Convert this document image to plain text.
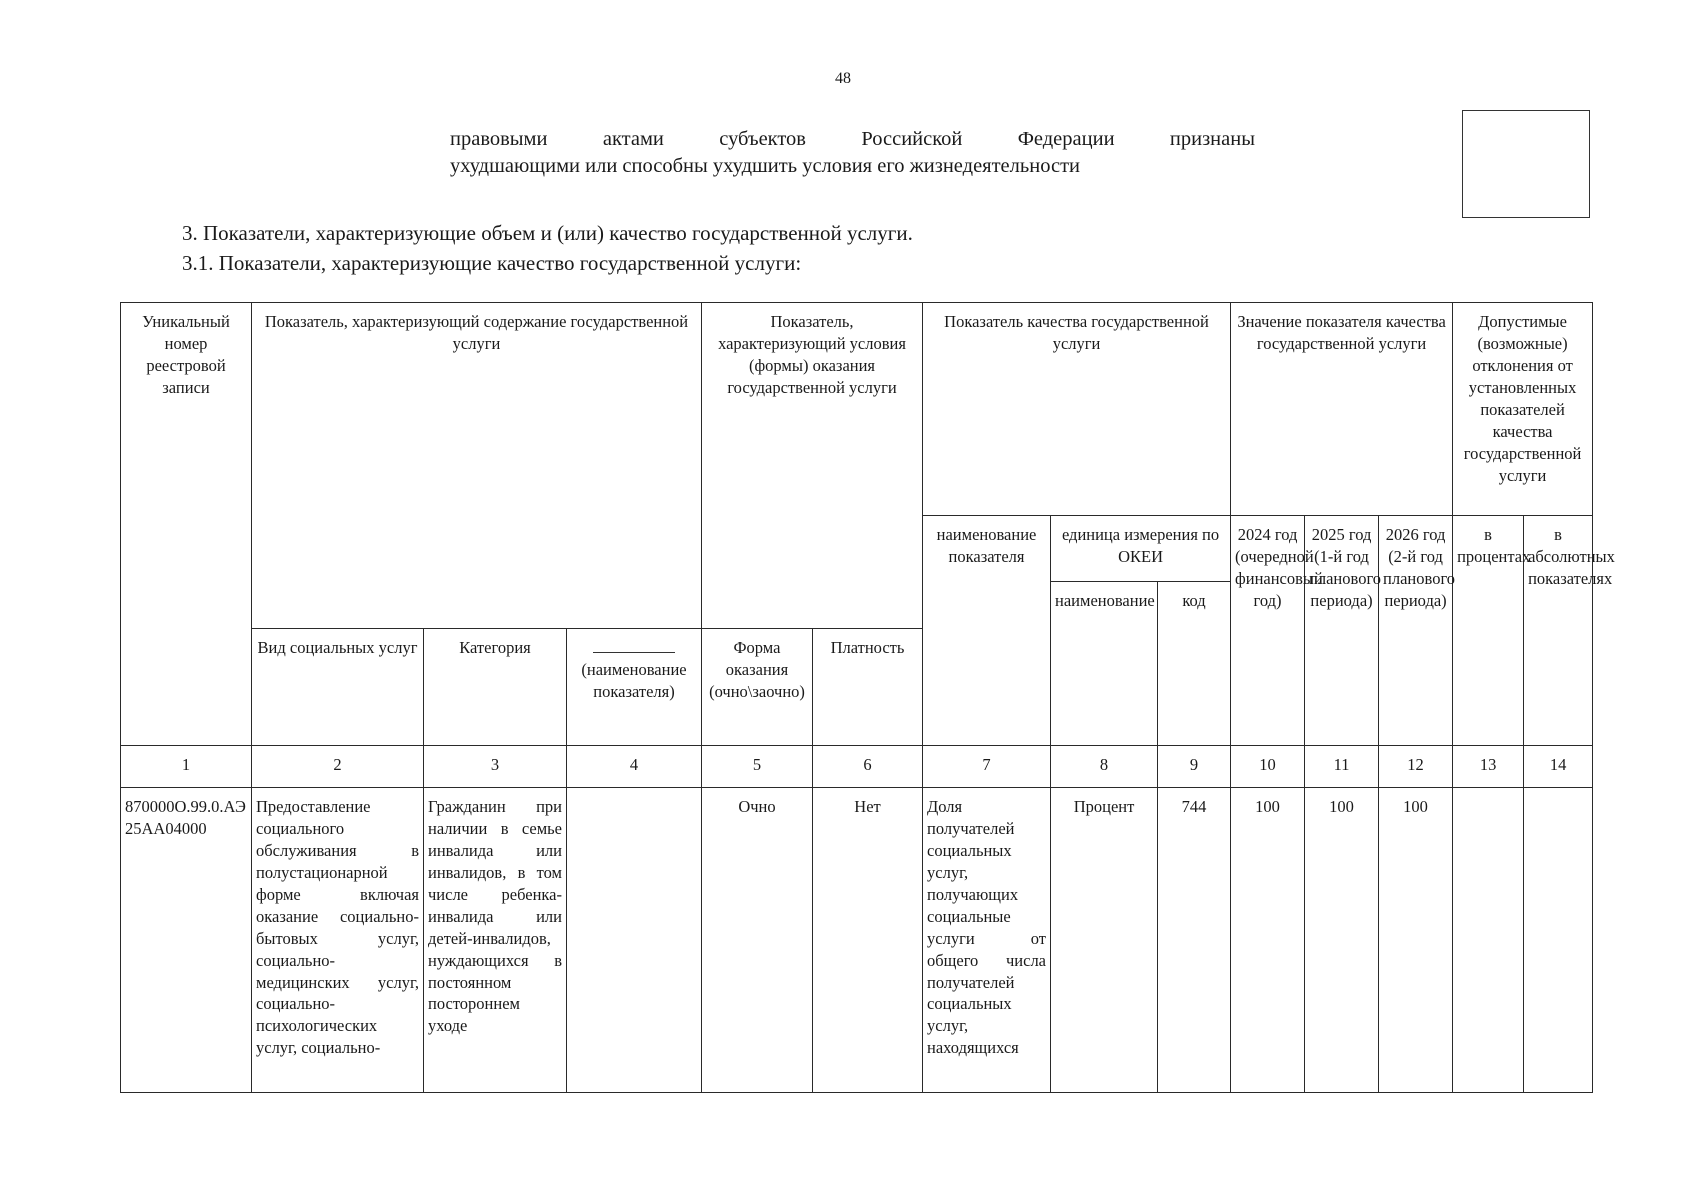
48
правовыми актами субъектов Российской Федерации признаны
ухудшающими или способны ухудшить условия его жизнедеятельности
3. Показатели, характеризующие объем и (или) качество государственной услуги.
3.1. Показатели, характеризующие качество государственной услуги:
Уникальный номер реестровой записи	Показатель, характеризующий содержание государственной услуги			Показатель, характеризующий условия (формы) оказания государственной услуги		Показатель качества государственной услуги			Значение показателя качества государственной услуги			Допустимые (возможные) отклонения от установленных показателей качества государственной услуги	
						наименование показателя	единица измерения по ОКЕИ		2024 год (очередной финансовый год)	2025 год (1-й год планового периода)	2026 год (2-й год планового периода)	в процентах	в абсолютных показателях
							наименование	код					
	Вид социальных услуг	Категория	(наименование показателя)	Форма оказания (очно\заочно)	Платность								
1	2	3	4	5	6	7	8	9	10	11	12	13	14
870000О.99.0.АЭ25АА04000	Предоставление социального обслуживания в полустационарной форме включая оказание социально-бытовых услуг, социально-медицинских услуг, социально-психологических услуг, социально-	Гражданин при наличии в семье инвалида или инвалидов, в том числе ребенка-инвалида или детей-инвалидов, нуждающихся в постоянном постороннем уходе		Очно	Нет	Доля получателей социальных услуг, получающих социальные услуги от общего числа получателей социальных услуг, находящихся	Процент	744	100	100	100		
